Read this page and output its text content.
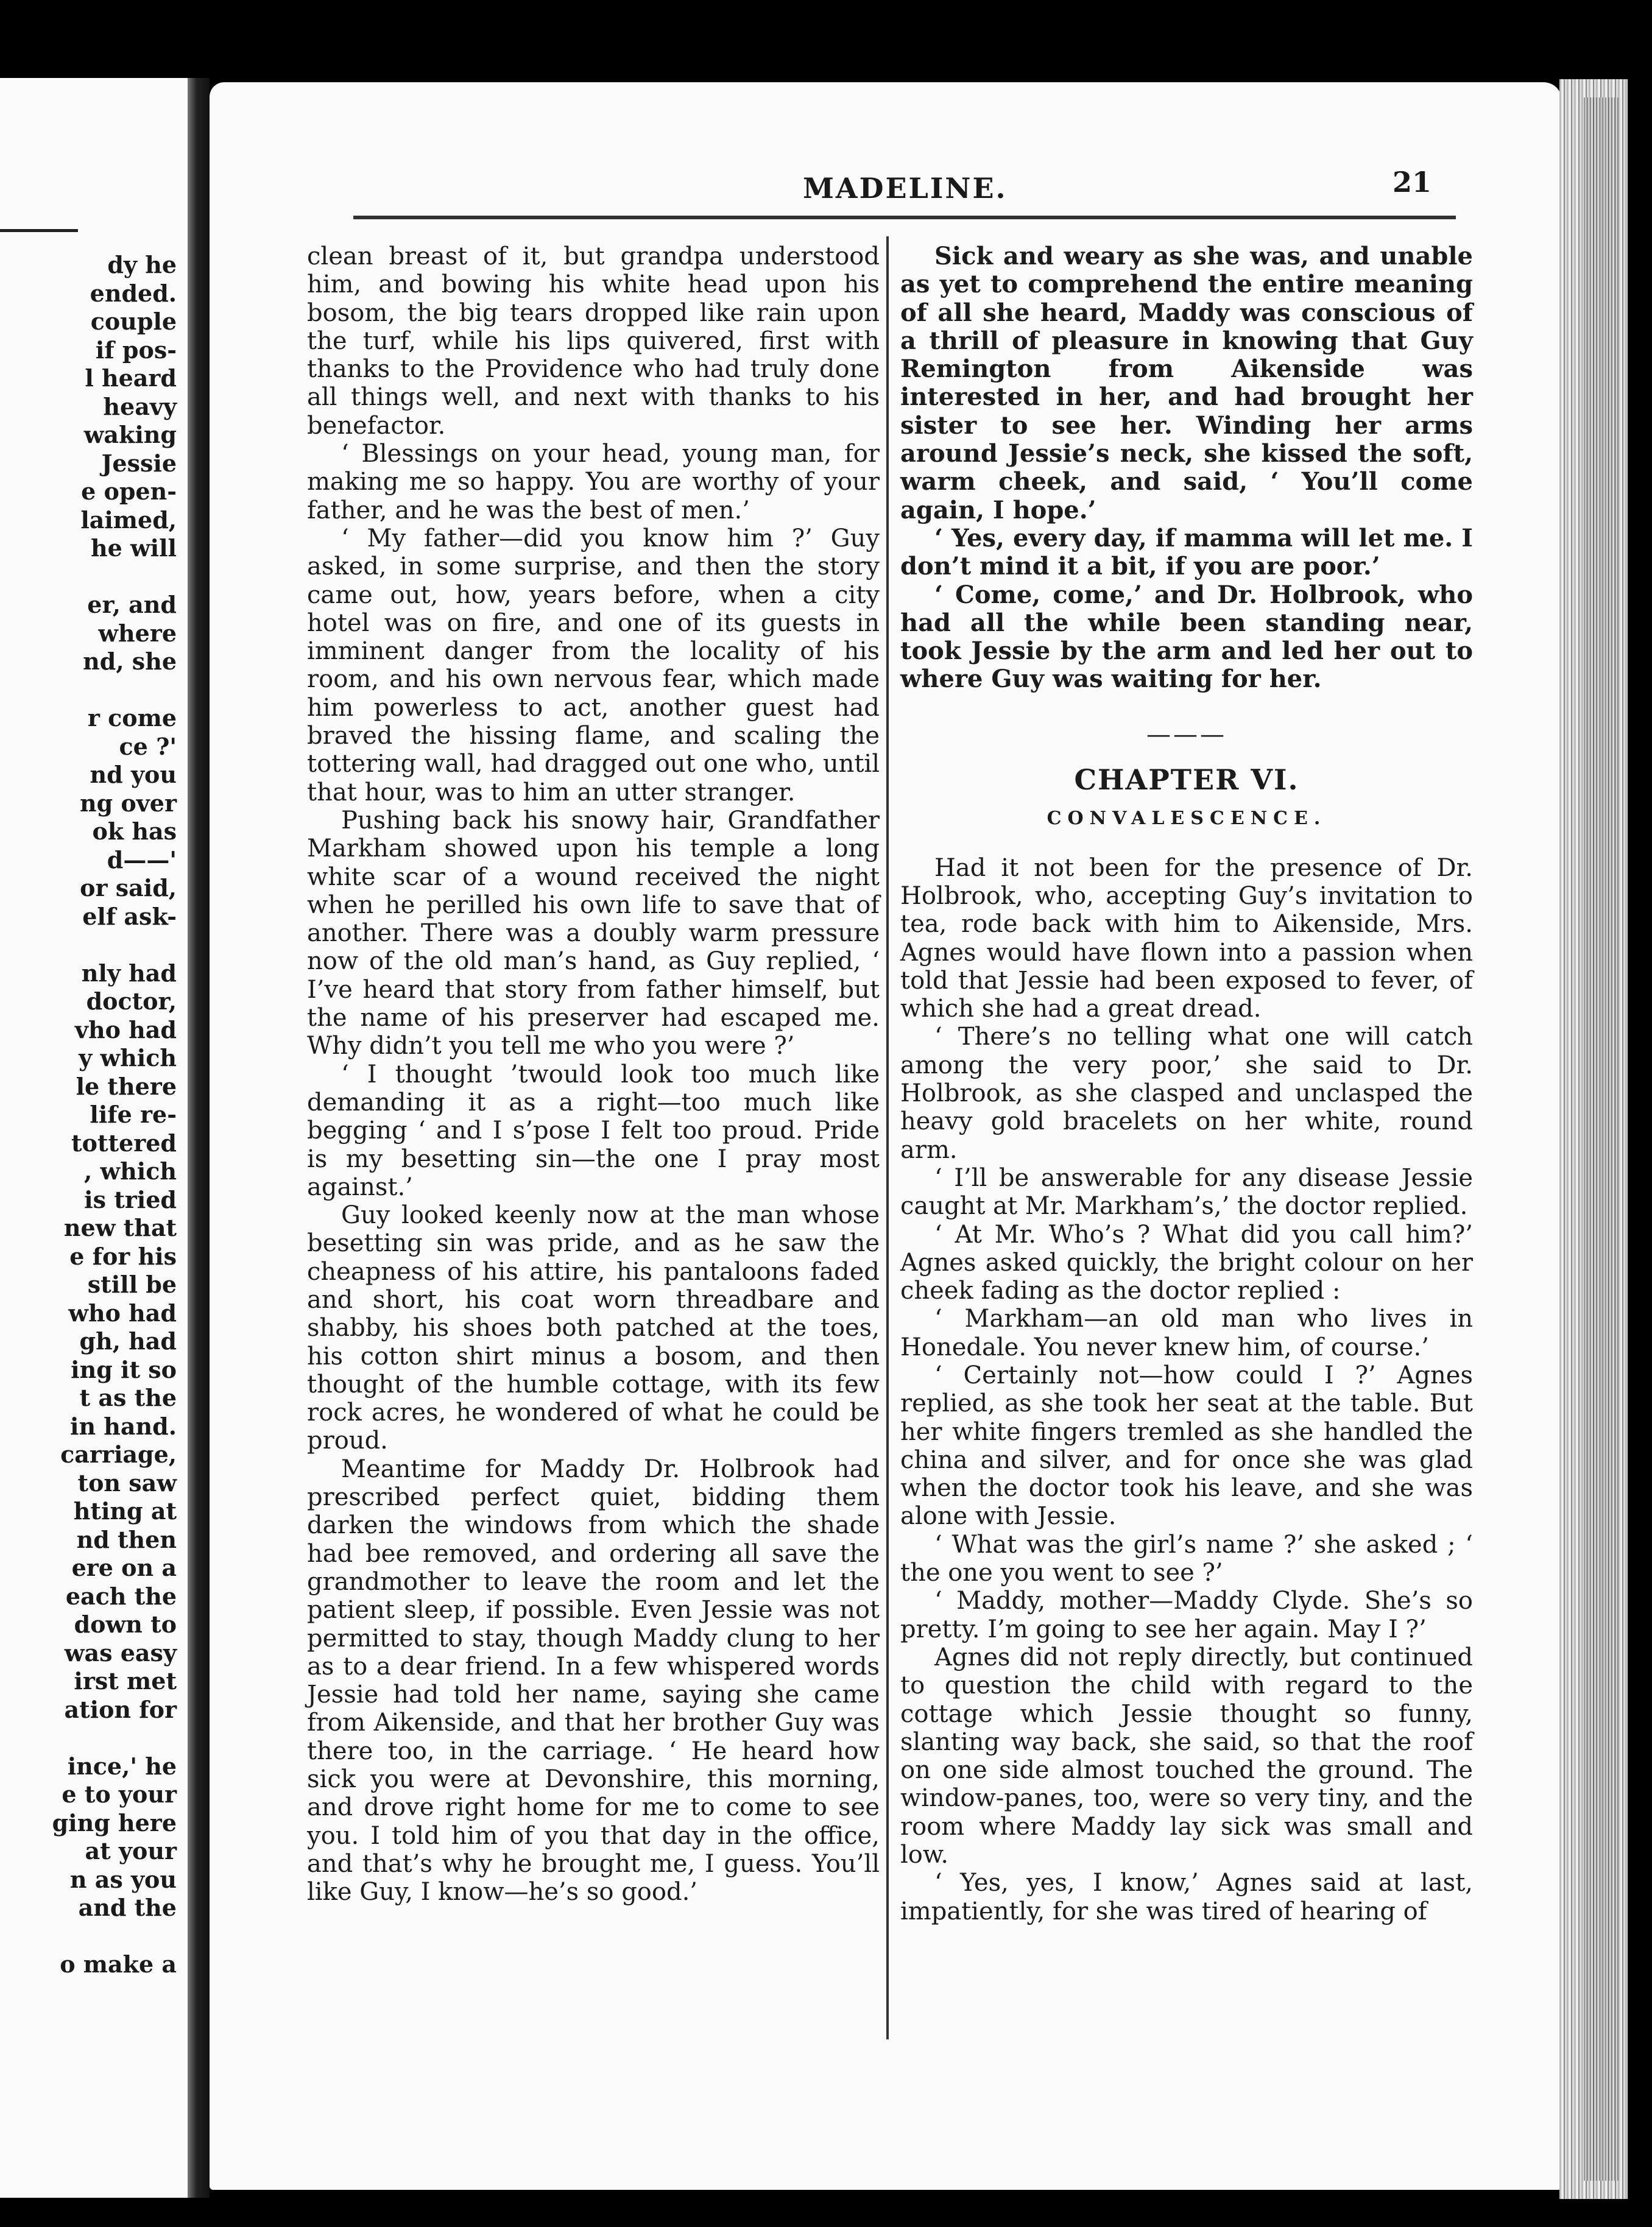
dy he
ended.
couple
if pos-
l heard
heavy
waking
Jessie
e open-
laimed,
he will
er, and
where
nd, she
r come
ce ?'
nd you
ng over
ok has
d——'
or said,
elf ask-
nly had
doctor,
vho had
y which
le there
life re-
tottered
, which
is tried
new that
e for his
still be
who had
gh, had
ing it so
t as the
in hand.
carriage,
ton saw
hting at
nd then
ere on a
each the
down to
was easy
irst met
ation for
ince,' he
e to your
ging here
at your
n as you
and the
o make a
MADELINE.	21

clean breast of it, but grandpa understood him, and bowing his white head upon his bosom, the big tears dropped like rain upon the turf, while his lips quivered, first with thanks to the Providence who had truly done all things well, and next with thanks to his benefactor.

‘ Blessings on your head, young man, for making me so happy. You are worthy of your father, and he was the best of men.’

‘ My father—did you know him ?’ Guy asked, in some surprise, and then the story came out, how, years before, when a city hotel was on fire, and one of its guests in imminent danger from the locality of his room, and his own nervous fear, which made him powerless to act, another guest had braved the hissing flame, and scaling the tottering wall, had dragged out one who, until that hour, was to him an utter stranger.

Pushing back his snowy hair, Grandfather Markham showed upon his temple a long white scar of a wound received the night when he perilled his own life to save that of another. There was a doubly warm pressure now of the old man’s hand, as Guy replied, ‘ I’ve heard that story from father himself, but the name of his preserver had escaped me. Why didn’t you tell me who you were ?’

‘ I thought ’twould look too much like demanding it as a right—too much like begging ‘ and I s’pose I felt too proud. Pride is my besetting sin—the one I pray most against.’

Guy looked keenly now at the man whose besetting sin was pride, and as he saw the cheapness of his attire, his pantaloons faded and short, his coat worn threadbare and shabby, his shoes both patched at the toes, his cotton shirt minus a bosom, and then thought of the humble cottage, with its few rock acres, he wondered of what he could be proud.

Meantime for Maddy Dr. Holbrook had prescribed perfect quiet, bidding them darken the windows from which the shade had bee removed, and ordering all save the grandmother to leave the room and let the patient sleep, if possible. Even Jessie was not permitted to stay, though Maddy clung to her as to a dear friend. In a few whispered words Jessie had told her name, saying she came from Aikenside, and that her brother Guy was there too, in the carriage. ‘ He heard how sick you were at Devonshire, this morning, and drove right home for me to come to see you. I told him of you that day in the office, and that’s why he brought me, I guess. You’ll like Guy, I know—he’s so good.’

Sick and weary as she was, and unable as yet to comprehend the entire meaning of all she heard, Maddy was conscious of a thrill of pleasure in knowing that Guy Remington from Aikenside was interested in her, and had brought her sister to see her. Winding her arms around Jessie’s neck, she kissed the soft, warm cheek, and said, ‘ You’ll come again, I hope.’

‘ Yes, every day, if mamma will let me. I don’t mind it a bit, if you are poor.’

‘ Come, come,’ and Dr. Holbrook, who had all the while been standing near, took Jessie by the arm and led her out to where Guy was waiting for her.

———
CHAPTER VI.
CONVALESCENCE.

Had it not been for the presence of Dr. Holbrook, who, accepting Guy’s invitation to tea, rode back with him to Aikenside, Mrs. Agnes would have flown into a passion when told that Jessie had been exposed to fever, of which she had a great dread.

‘ There’s no telling what one will catch among the very poor,’ she said to Dr. Holbrook, as she clasped and unclasped the heavy gold bracelets on her white, round arm.

‘ I’ll be answerable for any disease Jessie caught at Mr. Markham’s,’ the doctor replied.

‘ At Mr. Who’s ? What did you call him?’ Agnes asked quickly, the bright colour on her cheek fading as the doctor replied :

‘ Markham—an old man who lives in Honedale. You never knew him, of course.’

‘ Certainly not—how could I ?’ Agnes replied, as she took her seat at the table. But her white fingers tremled as she handled the china and silver, and for once she was glad when the doctor took his leave, and she was alone with Jessie.

‘ What was the girl’s name ?’ she asked ; ‘ the one you went to see ?’

‘ Maddy, mother—Maddy Clyde. She’s so pretty. I’m going to see her again. May I ?’

Agnes did not reply directly, but continued to question the child with regard to the cottage which Jessie thought so funny, slanting way back, she said, so that the roof on one side almost touched the ground. The window-panes, too, were so very tiny, and the room where Maddy lay sick was small and low.

‘ Yes, yes, I know,’ Agnes said at last, impatiently, for she was tired of hearing of
